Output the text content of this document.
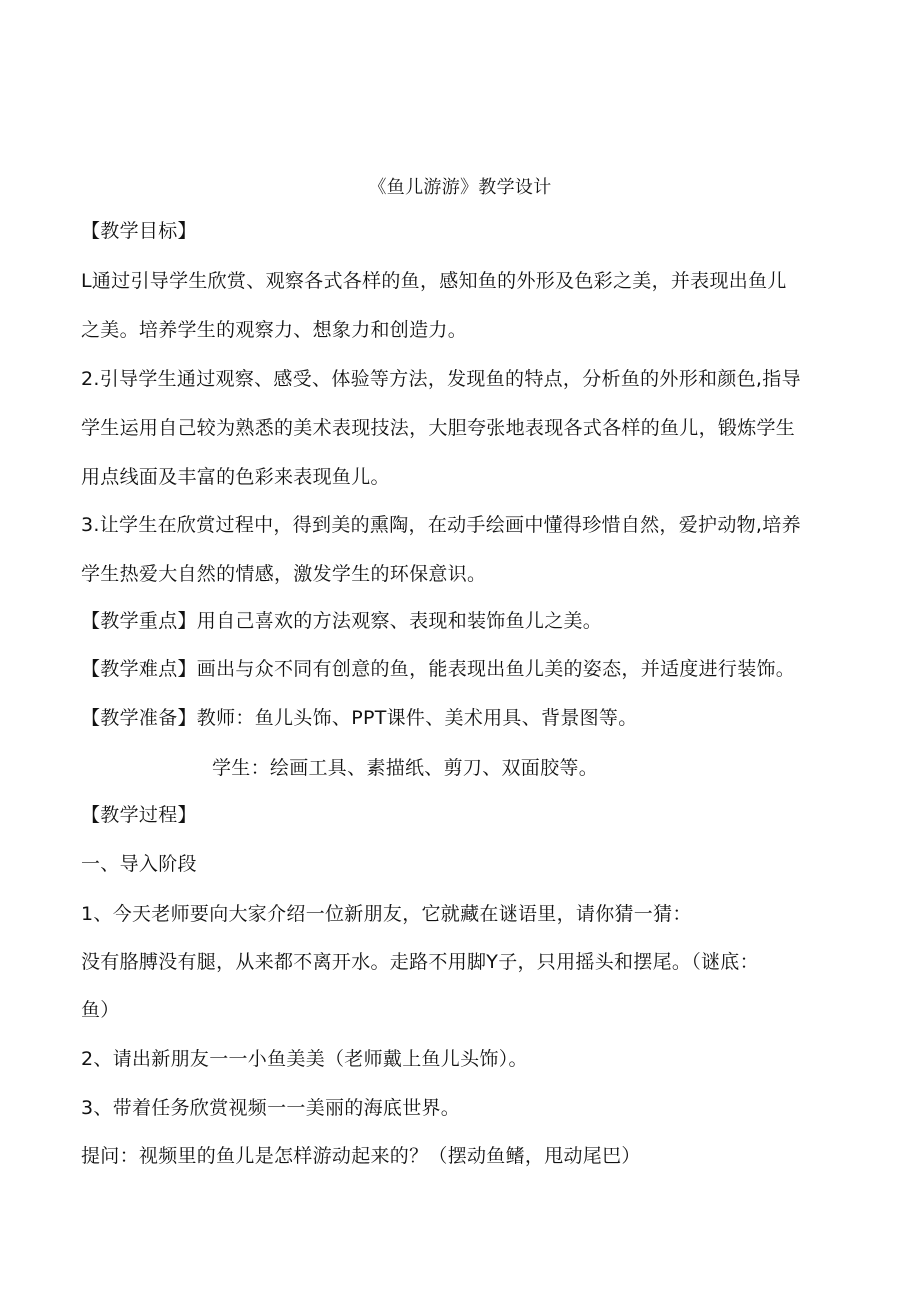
《鱼儿游游》教学设计
【教学目标】
L通过引导学生欣赏、观察各式各样的鱼，感知鱼的外形及色彩之美，并表现出鱼儿
之美。培养学生的观察力、想象力和创造力。
2.引导学生通过观察、感受、体验等方法，发现鱼的特点，分析鱼的外形和颜色,指导
学生运用自己较为熟悉的美术表现技法，大胆夸张地表现各式各样的鱼儿，锻炼学生
用点线面及丰富的色彩来表现鱼儿。
3.让学生在欣赏过程中，得到美的熏陶，在动手绘画中懂得珍惜自然，爱护动物,培养
学生热爱大自然的情感，激发学生的环保意识。
【教学重点】用自己喜欢的方法观察、表现和装饰鱼儿之美。
【教学难点】画出与众不同有创意的鱼，能表现出鱼儿美的姿态，并适度进行装饰。
【教学准备】教师：鱼儿头饰、PPT课件、美术用具、背景图等。
学生：绘画工具、素描纸、剪刀、双面胶等。
【教学过程】
一、导入阶段
1、今天老师要向大家介绍一位新朋友，它就藏在谜语里，请你猜一猜：
没有胳膊没有腿，从来都不离开水。走路不用脚Y子，只用摇头和摆尾。（谜底：
鱼）
2、请出新朋友一一小鱼美美（老师戴上鱼儿头饰）。
3、带着任务欣赏视频一一美丽的海底世界。
提问：视频里的鱼儿是怎样游动起来的？（摆动鱼鳍，甩动尾巴）
